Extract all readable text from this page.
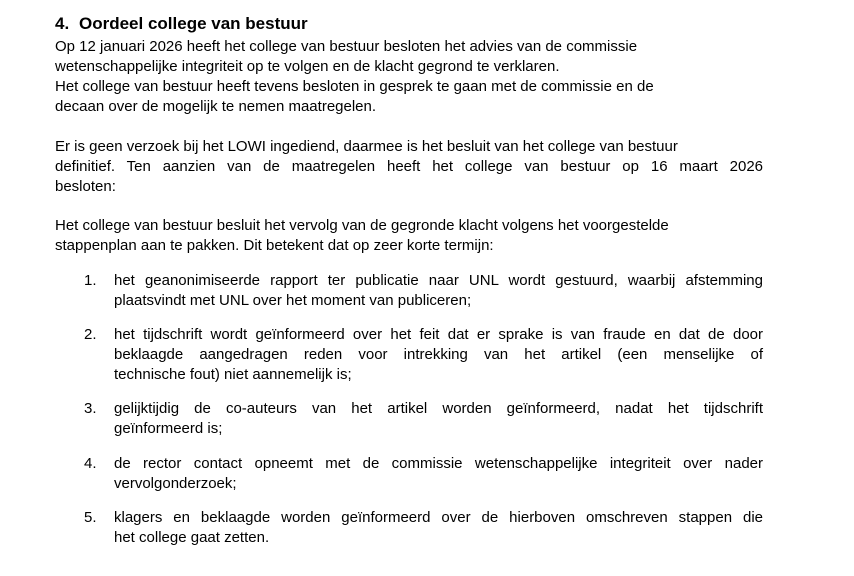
4. Oordeel college van bestuur
Op 12 januari 2026 heeft het college van bestuur besloten het advies van de commissie
wetenschappelijke integriteit op te volgen en de klacht gegrond te verklaren.
Het college van bestuur heeft tevens besloten in gesprek te gaan met de commissie en de
decaan over de mogelijk te nemen maatregelen.
Er is geen verzoek bij het LOWI ingediend, daarmee is het besluit van het college van bestuur
definitief. Ten aanzien van de maatregelen heeft het college van bestuur op 16 maart 2026
besloten:
Het college van bestuur besluit het vervolg van de gegronde klacht volgens het voorgestelde
stappenplan aan te pakken. Dit betekent dat op zeer korte termijn:
1.	het geanonimiseerde rapport ter publicatie naar UNL wordt gestuurd, waarbij afstemming
plaatsvindt met UNL over het moment van publiceren;
2.	het tijdschrift wordt geïnformeerd over het feit dat er sprake is van fraude en dat de door
beklaagde aangedragen reden voor intrekking van het artikel (een menselijke of
technische fout) niet aannemelijk is;
3.	gelijktijdig de co-auteurs van het artikel worden geïnformeerd, nadat het tijdschrift
geïnformeerd is;
4.	de rector contact opneemt met de commissie wetenschappelijke integriteit over nader
vervolgonderzoek;
5.	klagers en beklaagde worden geïnformeerd over de hierboven omschreven stappen die
het college gaat zetten.
